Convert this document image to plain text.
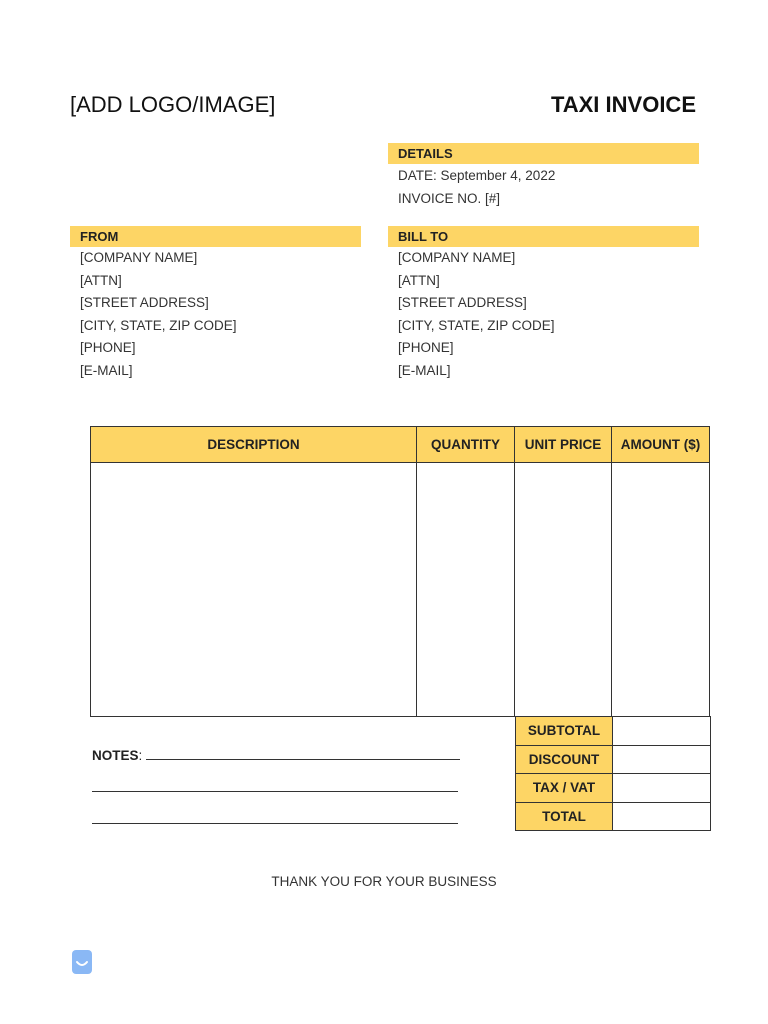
[ADD LOGO/IMAGE]	TAXI INVOICE
DETAILS
DATE: September 4, 2022
INVOICE NO. [#]
FROM
[COMPANY NAME]
[ATTN]
[STREET ADDRESS]
[CITY, STATE, ZIP CODE]
[PHONE]
[E-MAIL]
BILL TO
[COMPANY NAME]
[ATTN]
[STREET ADDRESS]
[CITY, STATE, ZIP CODE]
[PHONE]
[E-MAIL]
DESCRIPTION	QUANTITY	UNIT PRICE	AMOUNT ($)

SUBTOTAL	
DISCOUNT	
TAX / VAT	
TOTAL	
NOTES:
THANK YOU FOR YOUR BUSINESS
